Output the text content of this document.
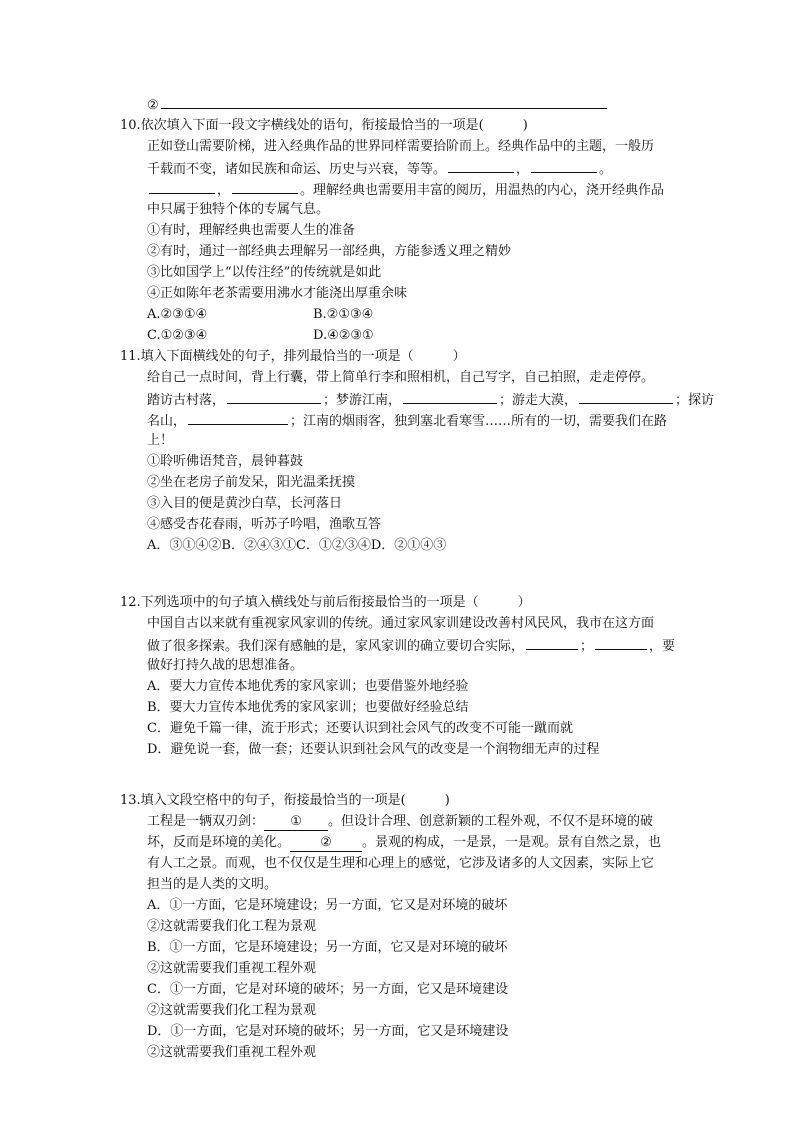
②
10.依次填入下面一段文字横线处的语句，衔接最恰当的一项是(　　　)
正如登山需要阶梯，进入经典作品的世界同样需要拾阶而上。经典作品中的主题，一般历
千载而不变，诸如民族和命运、历史与兴衰，等等。	，	。
，	。理解经典也需要用丰富的阅历，用温热的内心，浇开经典作品
中只属于独特个体的专属气息。
①有时，理解经典也需要人生的准备
②有时，通过一部经典去理解另一部经典，方能参透义理之精妙
③比如国学上“以传注经”的传统就是如此
④正如陈年老茶需要用沸水才能浇出厚重余味
A.②③①④	B.②①③④
C.①②③④	D.④②③①
11.填入下面横线处的句子，排列最恰当的一项是（　　　）
给自己一点时间，背上行囊，带上简单行李和照相机，自己写字，自己拍照，走走停停。
踏访古村落，	；梦游江南，	；游走大漠，	；探访
名山，	；江南的烟雨客，独到塞北看寒雪……所有的一切，需要我们在路
上！
①聆听佛语梵音，晨钟暮鼓
②坐在老房子前发呆，阳光温柔抚摸
③入目的便是黄沙白草，长河落日
④感受杏花春雨，听苏子吟唱，渔歌互答
A．③①④②B．②④③①C．①②③④D．②①④③
12.下列选项中的句子填入横线处与前后衔接最恰当的一项是（　　　）
中国自古以来就有重视家风家训的传统。通过家风家训建设改善村风民风，我市在这方面
做了很多探索。我们深有感触的是，家风家训的确立要切合实际，	；	，要
做好打持久战的思想准备。
A．要大力宣传本地优秀的家风家训；也要借鉴外地经验
B．要大力宣传本地优秀的家风家训；也要做好经验总结
C．避免千篇一律，流于形式；还要认识到社会风气的改变不可能一蹴而就
D．避免说一套，做一套；还要认识到社会风气的改变是一个润物细无声的过程
13.填入文段空格中的句子，衔接最恰当的一项是(　　　)
工程是一辆双刃剑： ① 。但设计合理、创意新颖的工程外观，不仅不是环境的破
坏，反而是环境的美化。 ② 。景观的构成，一是景，一是观。景有自然之景，也
有人工之景。而观，也不仅仅是生理和心理上的感觉，它涉及诸多的人文因素，实际上它
担当的是人类的文明。
A．①一方面，它是环境建设；另一方面，它又是对环境的破坏
②这就需要我们化工程为景观
B．①一方面，它是环境建设；另一方面，它又是对环境的破坏
②这就需要我们重视工程外观
C．①一方面，它是对环境的破坏；另一方面，它又是环境建设
②这就需要我们化工程为景观
D．①一方面，它是对环境的破坏；另一方面，它又是环境建设
②这就需要我们重视工程外观
